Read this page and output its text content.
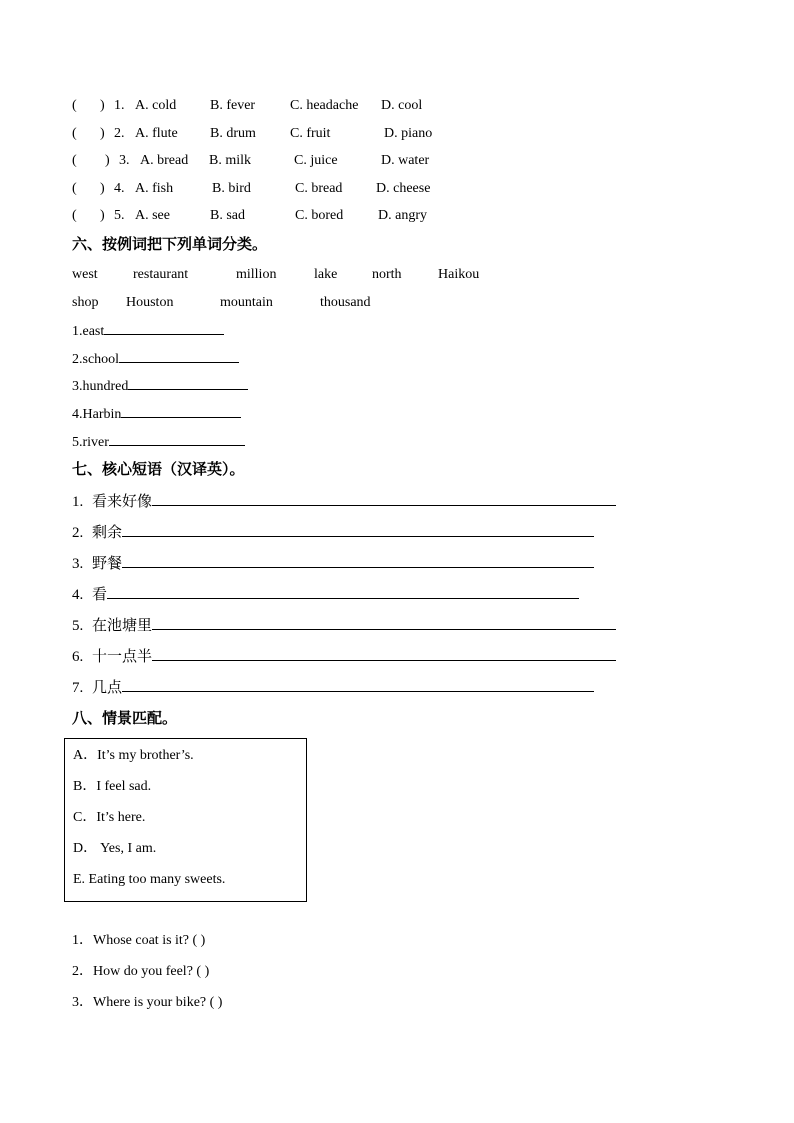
( ) 1. A. cold B. fever C. headache D. cool
( ) 2. A. flute B. drum C. fruit	D. piano
( ) 3. A. bread B. milk	C. juice	D. water
( ) 4. A. fish	B. bird	C. bread D. cheese
( ) 5. A. see	B. sad	C. bored D. angry
六、按例词把下列单词分类。
west	restaurant	million	lake north	Haikou
shop Houston	mountain	thousand
1.east
2.school
3.hundred
4.Harbin
5.river
七、核心短语（汉译英）。
1. 看来好像
2. 剩余
3. 野餐
4. 看
5. 在池塘里
6. 十一点半
7. 几点
八、情景匹配。
A．It’s my brother’s.
B．I feel sad.
C．It’s here.
D． Yes, I am.
E. Eating too many sweets.
1．Whose coat is it? ( )
2．How do you feel? ( )
3．Where is your bike? ( )
